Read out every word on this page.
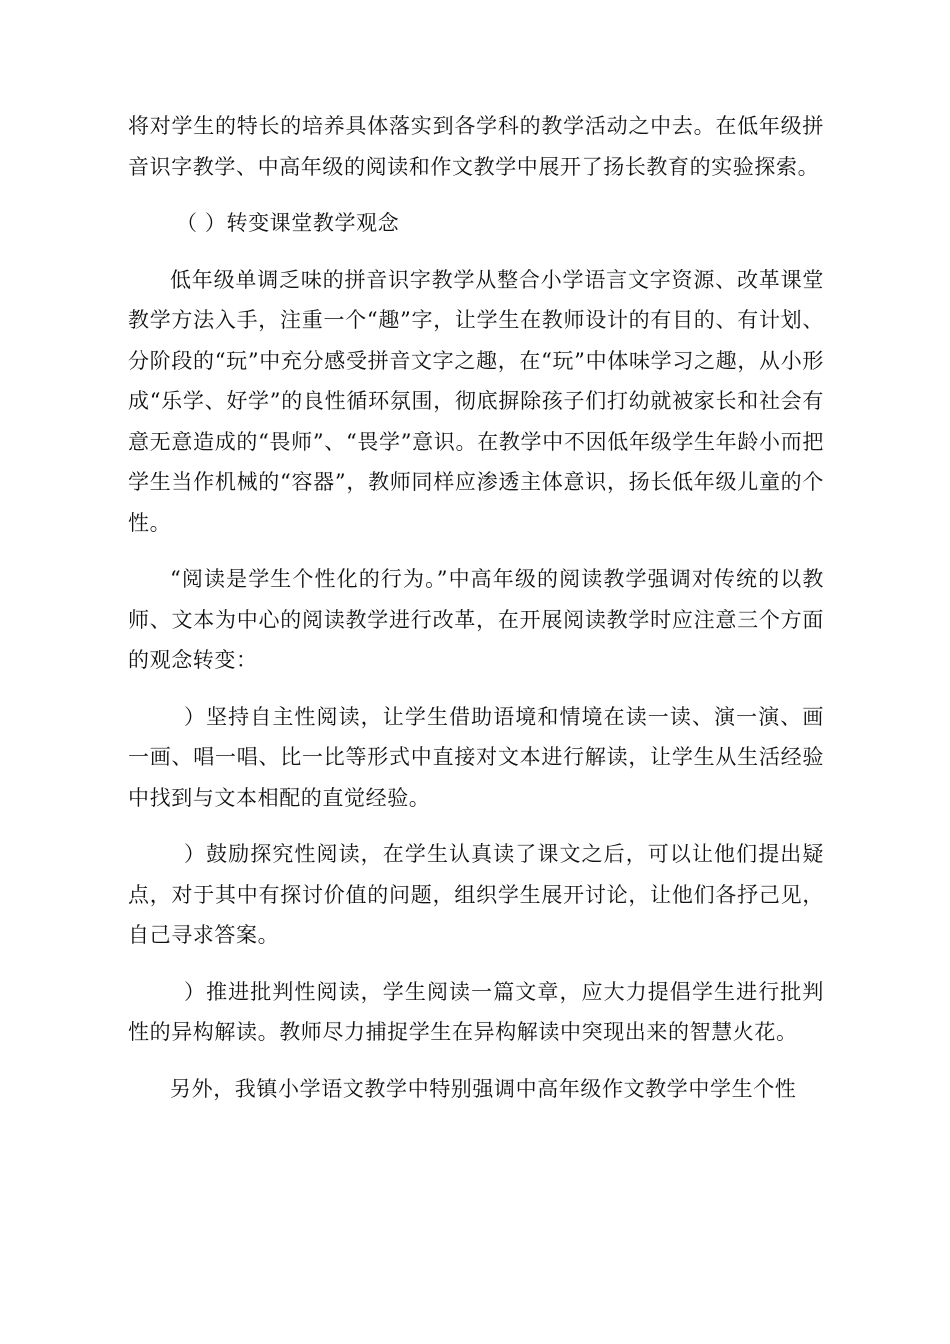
将对学生的特长的培养具体落实到各学科的教学活动之中去。在低年级拼音识字教学、中高年级的阅读和作文教学中展开了扬长教育的实验探索。

（ ）转变课堂教学观念

低年级单调乏味的拼音识字教学从整合小学语言文字资源、改革课堂教学方法入手，注重一个“趣”字，让学生在教师设计的有目的、有计划、分阶段的“玩”中充分感受拼音文字之趣，在“玩”中体味学习之趣，从小形成“乐学、好学”的良性循环氛围，彻底摒除孩子们打幼就被家长和社会有意无意造成的“畏师”、“畏学”意识。在教学中不因低年级学生年龄小而把学生当作机械的“容器”，教师同样应渗透主体意识，扬长低年级儿童的个性。

“阅读是学生个性化的行为。”中高年级的阅读教学强调对传统的以教师、文本为中心的阅读教学进行改革，在开展阅读教学时应注意三个方面的观念转变：

）坚持自主性阅读，让学生借助语境和情境在读一读、演一演、画一画、唱一唱、比一比等形式中直接对文本进行解读，让学生从生活经验中找到与文本相配的直觉经验。

）鼓励探究性阅读，在学生认真读了课文之后，可以让他们提出疑点，对于其中有探讨价值的问题，组织学生展开讨论，让他们各抒己见，自己寻求答案。

）推进批判性阅读，学生阅读一篇文章，应大力提倡学生进行批判性的异构解读。教师尽力捕捉学生在异构解读中突现出来的智慧火花。

另外，我镇小学语文教学中特别强调中高年级作文教学中学生个性
